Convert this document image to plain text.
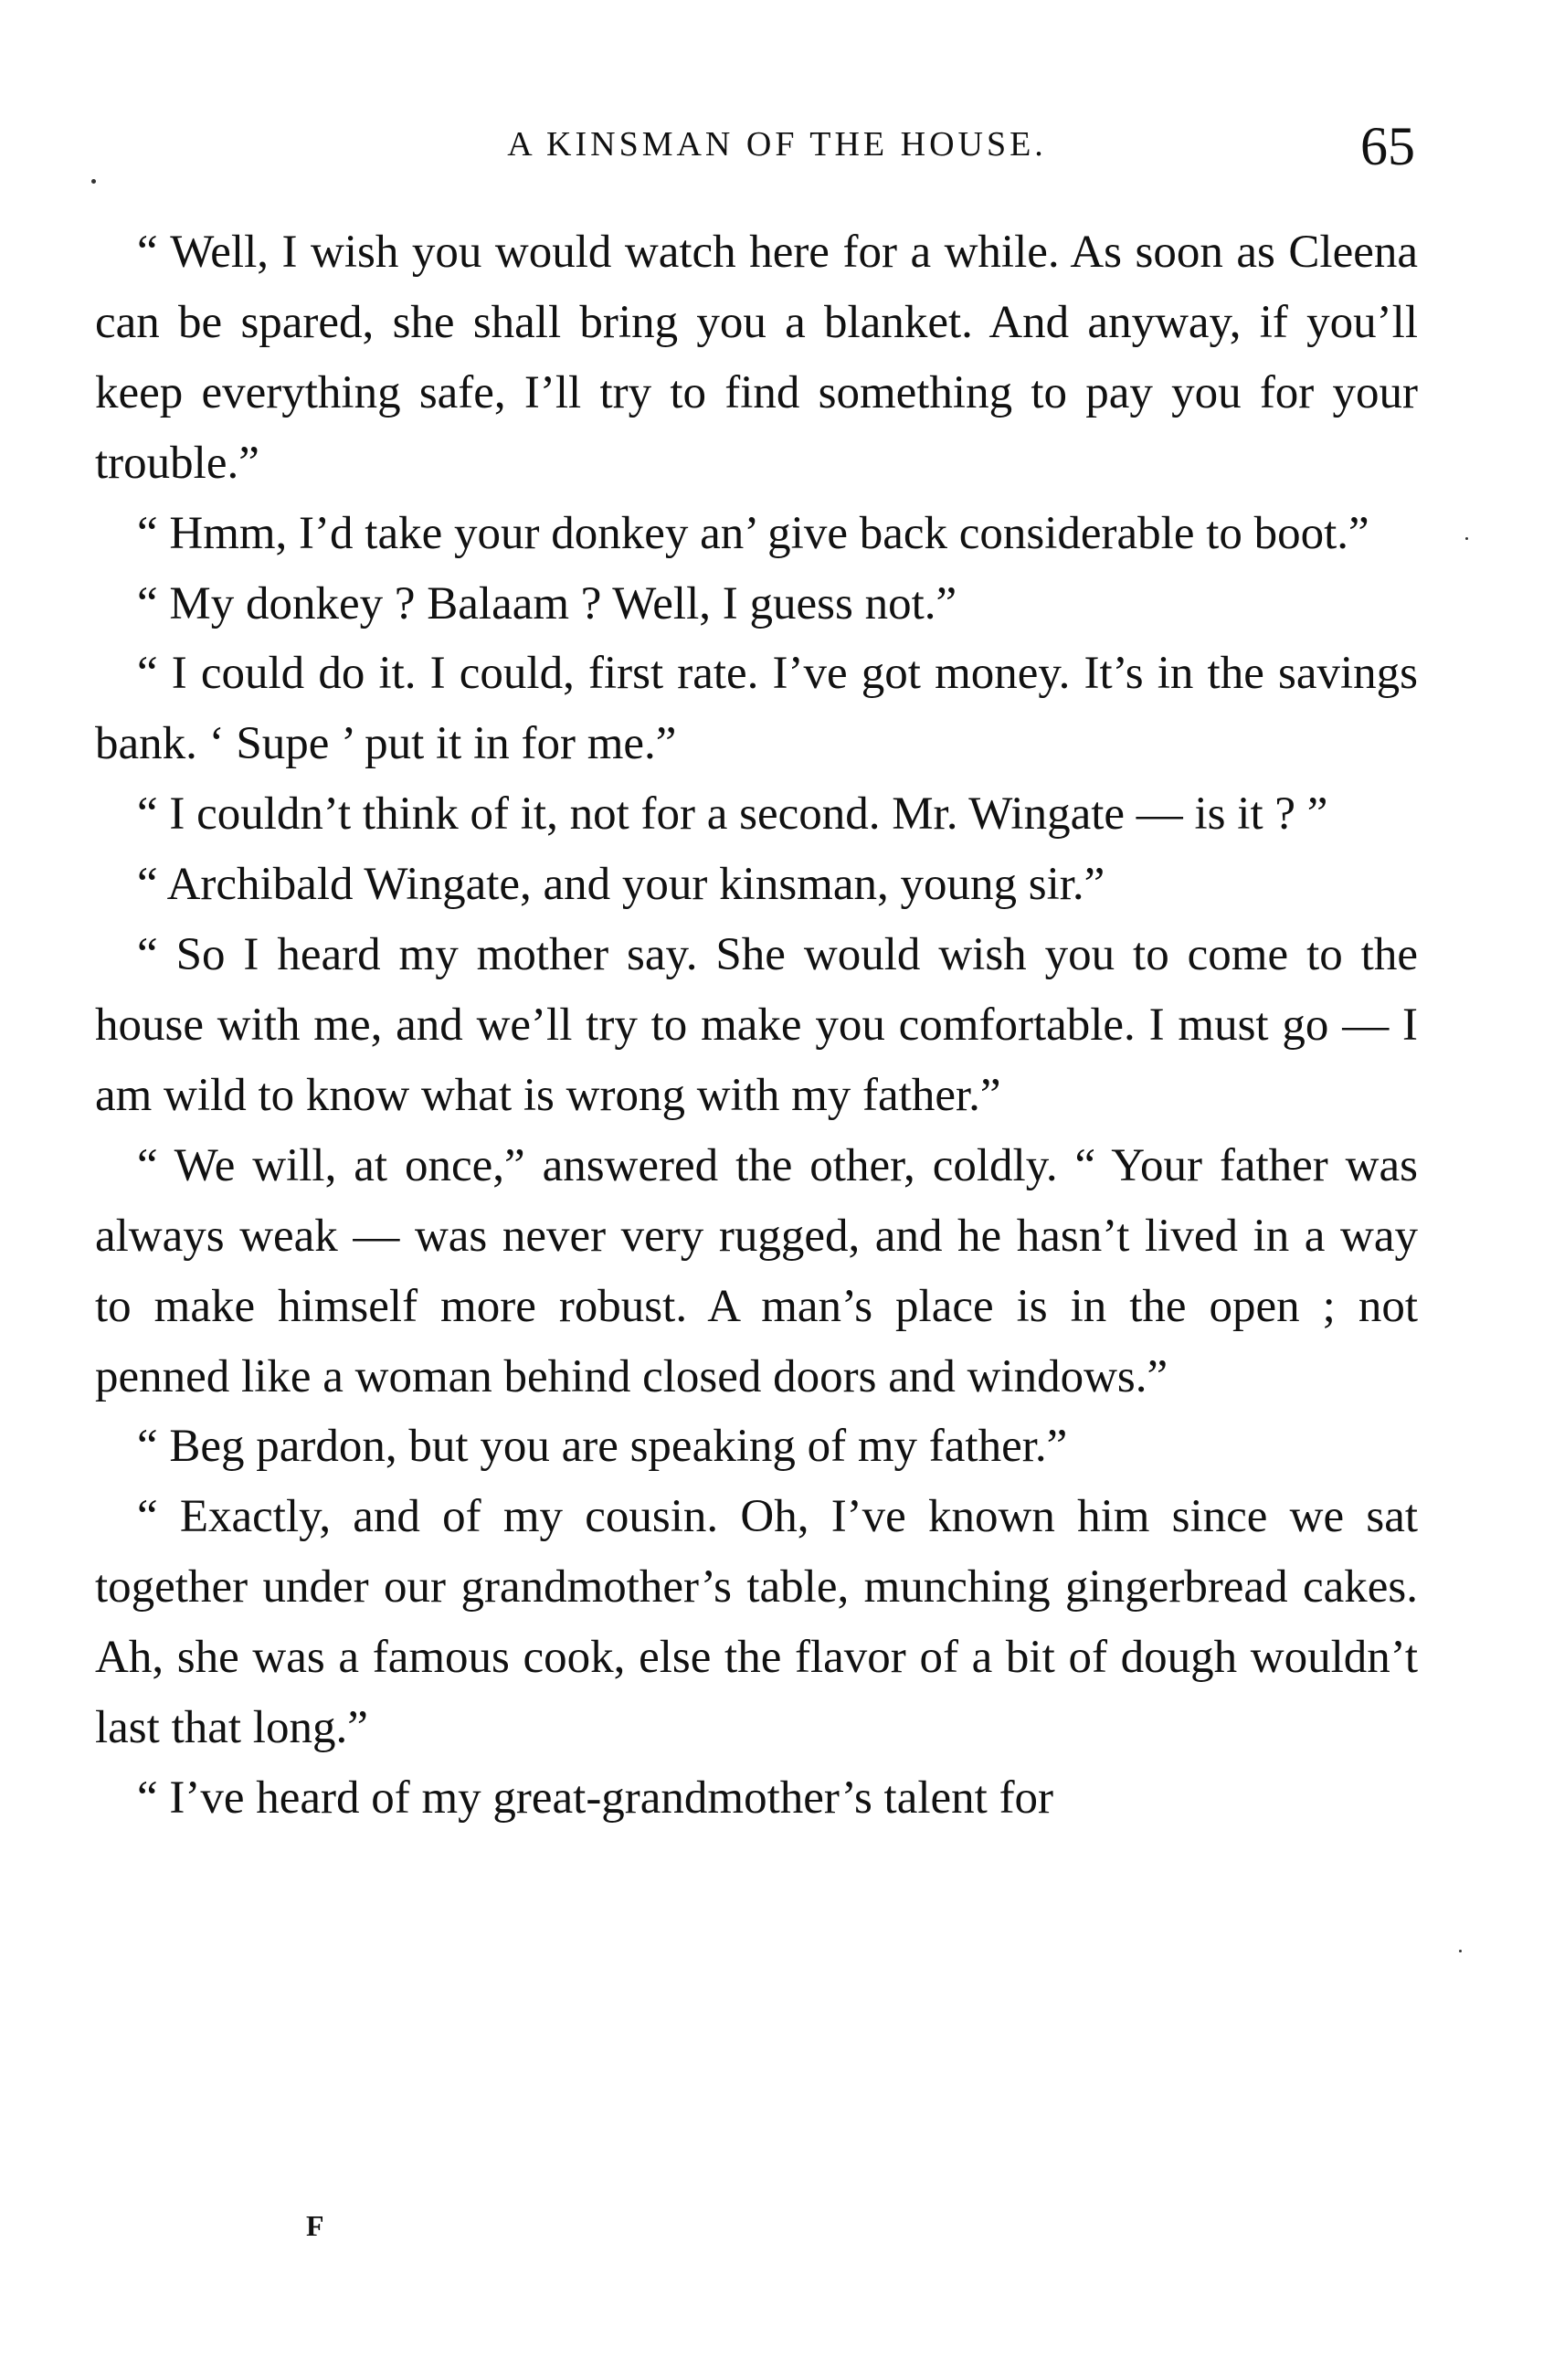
A KINSMAN OF THE HOUSE.	65

“ Well, I wish you would watch here for a while. As soon as Cleena can be spared, she shall bring you a blanket. And anyway, if you’ll keep everything safe, I’ll try to find something to pay you for your trouble.”

“ Hmm, I’d take your donkey an’ give back considerable to boot.”

“ My donkey ? Balaam ? Well, I guess not.”

“ I could do it. I could, first rate. I’ve got money. It’s in the savings bank. ‘ Supe ’ put it in for me.”

“ I couldn’t think of it, not for a second. Mr. Wingate — is it ? ”

“ Archibald Wingate, and your kinsman, young sir.”

“ So I heard my mother say. She would wish you to come to the house with me, and we’ll try to make you comfortable. I must go — I am wild to know what is wrong with my father.”

“ We will, at once,” answered the other, coldly. “ Your father was always weak — was never very rugged, and he hasn’t lived in a way to make himself more robust. A man’s place is in the open ; not penned like a woman behind closed doors and windows.”

“ Beg pardon, but you are speaking of my father.”

“ Exactly, and of my cousin. Oh, I’ve known him since we sat together under our grandmother’s table, munching gingerbread cakes. Ah, she was a famous cook, else the flavor of a bit of dough wouldn’t last that long.”

“ I’ve heard of my great-grandmother’s talent for

F
